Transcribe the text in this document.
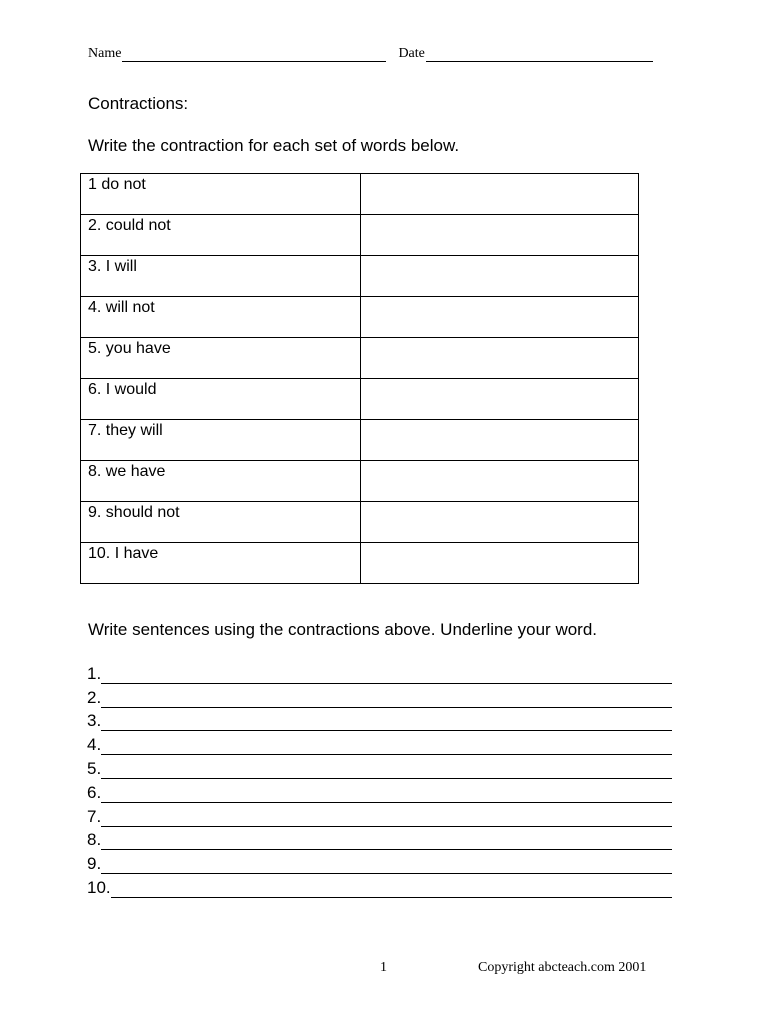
Name	Date
Contractions:
Write the contraction for each set of words below.
1 do not	
2. could not	
3. I will	
4. will not	
5. you have	
6. I would	
7. they will	
8. we have	
9. should not	
10. I have	
Write sentences using the contractions above. Underline your word.
1.
2.
3.
4.
5.
6.
7.
8.
9.
10.
1	Copyright abcteach.com 2001
